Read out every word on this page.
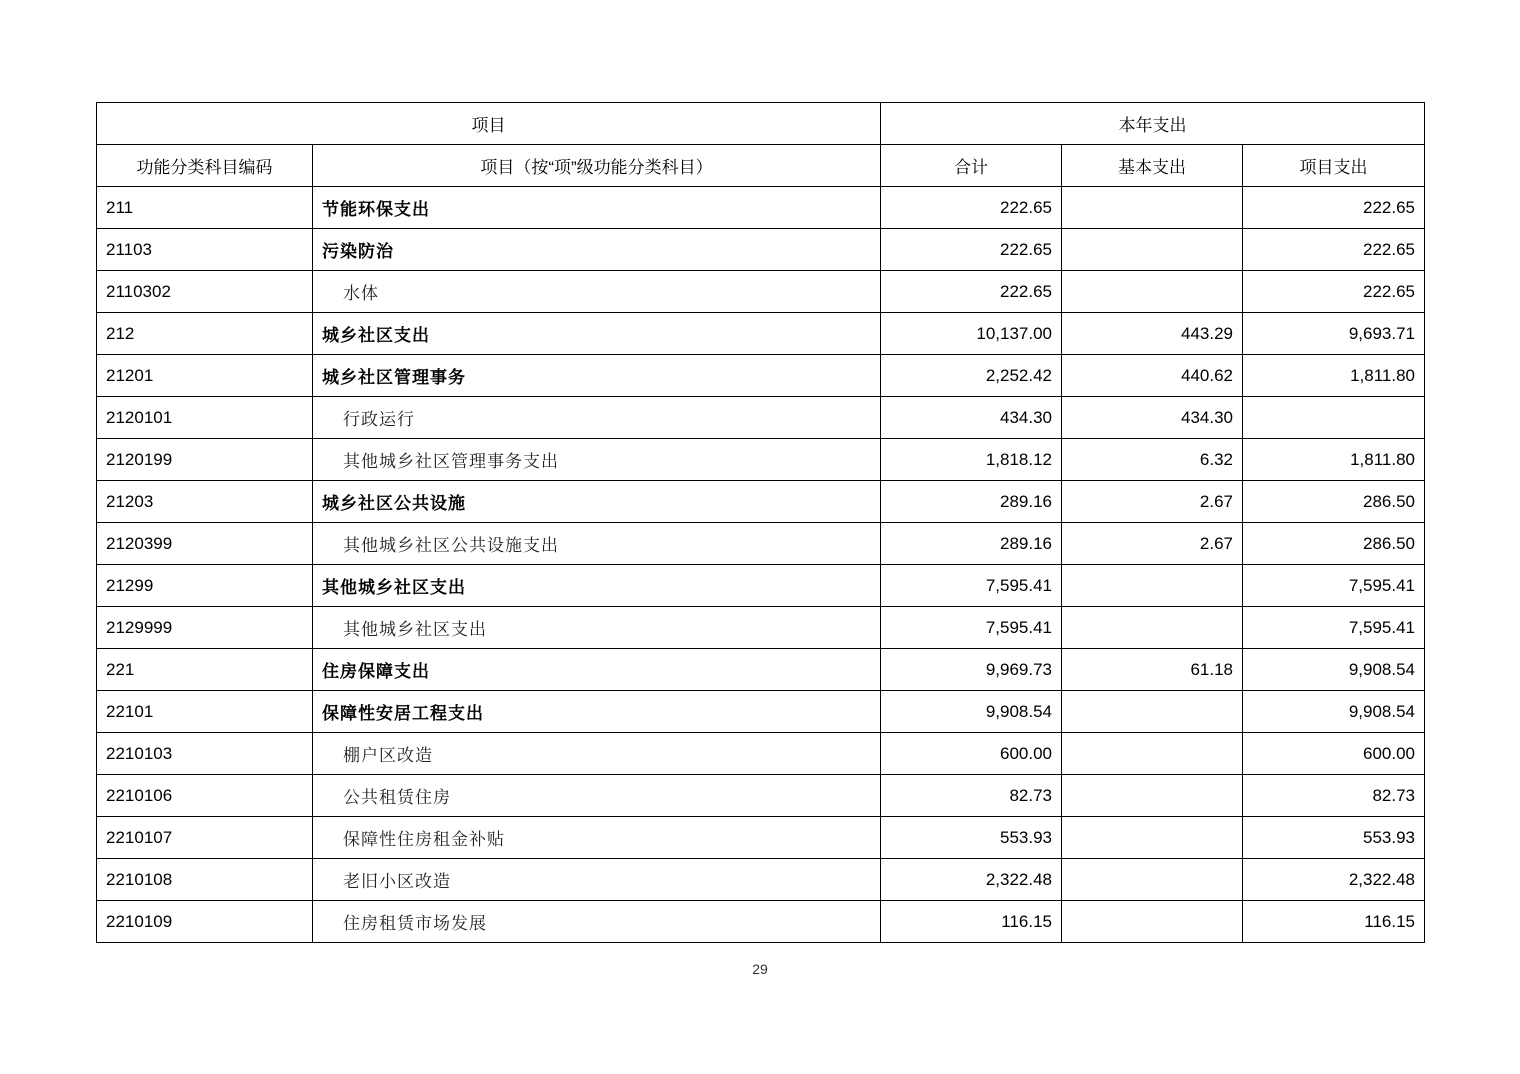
项目		本年支出		
功能分类科目编码	项目（按“项”级功能分类科目）	合计	基本支出	项目支出
211	节能环保支出	222.65		222.65
21103	污染防治	222.65		222.65
2110302	水体	222.65		222.65
212	城乡社区支出	10,137.00	443.29	9,693.71
21201	城乡社区管理事务	2,252.42	440.62	1,811.80
2120101	行政运行	434.30	434.30	
2120199	其他城乡社区管理事务支出	1,818.12	6.32	1,811.80
21203	城乡社区公共设施	289.16	2.67	286.50
2120399	其他城乡社区公共设施支出	289.16	2.67	286.50
21299	其他城乡社区支出	7,595.41		7,595.41
2129999	其他城乡社区支出	7,595.41		7,595.41
221	住房保障支出	9,969.73	61.18	9,908.54
22101	保障性安居工程支出	9,908.54		9,908.54
2210103	棚户区改造	600.00		600.00
2210106	公共租赁住房	82.73		82.73
2210107	保障性住房租金补贴	553.93		553.93
2210108	老旧小区改造	2,322.48		2,322.48
2210109	住房租赁市场发展	116.15		116.15
29
